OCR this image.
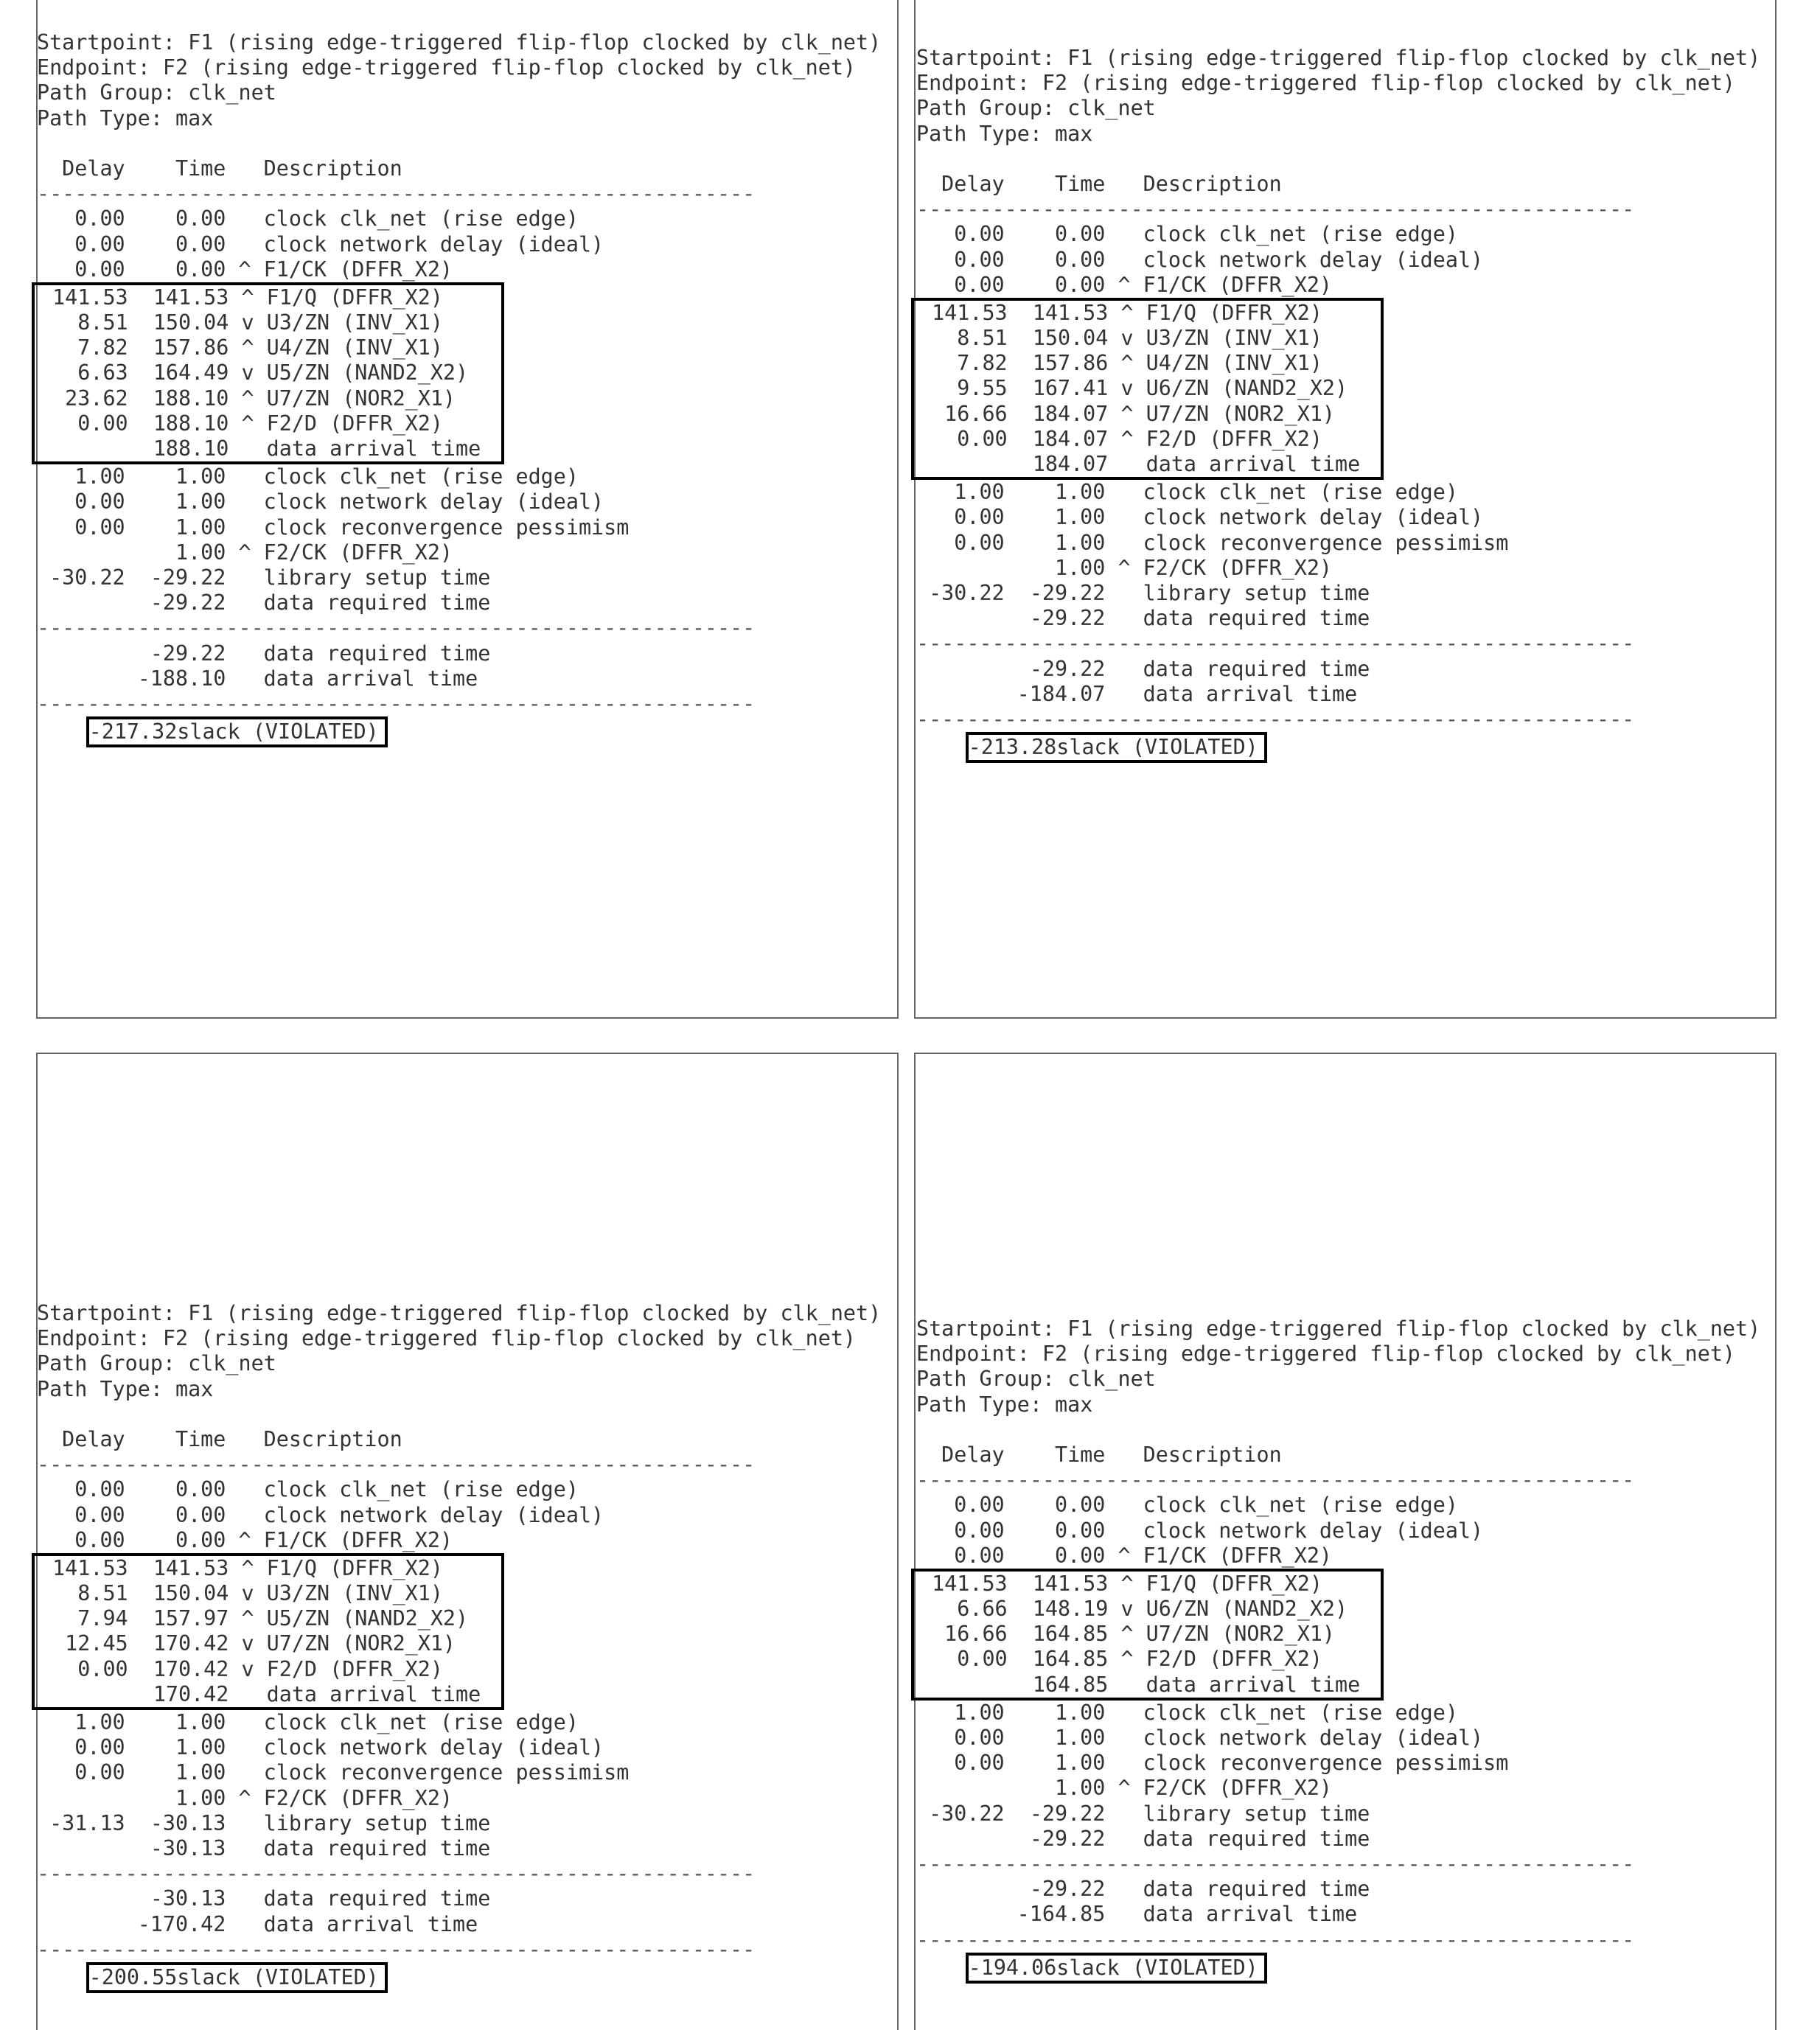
Startpoint: F1 (rising edge-triggered flip-flop clocked by clk_net)
Endpoint: F2 (rising edge-triggered flip-flop clocked by clk_net)
Path Group: clk_net
Path Type: max
Delay Time Description
---------------------------------------------------------
0.00 0.00 clock clk_net (rise edge)
0.00 0.00 clock network delay (ideal)
0.00 0.00 ^ F1/CK (DFFR_X2)
141.53 141.53 ^ F1/Q (DFFR_X2)
8.51 150.04 v U3/ZN (INV_X1)
7.82 157.86 ^ U4/ZN (INV_X1)
6.63 164.49 v U5/ZN (NAND2_X2)
23.62 188.10 ^ U7/ZN (NOR2_X1)
0.00 188.10 ^ F2/D (DFFR_X2)
188.10 data arrival time
1.00 1.00 clock clk_net (rise edge)
0.00 1.00 clock network delay (ideal)
0.00 1.00 clock reconvergence pessimism
1.00 ^ F2/CK (DFFR_X2)
-30.22 -29.22 library setup time
-29.22 data required time
---------------------------------------------------------
-29.22 data required time
-188.10 data arrival time
---------------------------------------------------------
-217.32slack (VIOLATED)
Startpoint: F1 (rising edge-triggered flip-flop clocked by clk_net)
Endpoint: F2 (rising edge-triggered flip-flop clocked by clk_net)
Path Group: clk_net
Path Type: max
Delay Time Description
---------------------------------------------------------
0.00 0.00 clock clk_net (rise edge)
0.00 0.00 clock network delay (ideal)
0.00 0.00 ^ F1/CK (DFFR_X2)
141.53 141.53 ^ F1/Q (DFFR_X2)
8.51 150.04 v U3/ZN (INV_X1)
7.82 157.86 ^ U4/ZN (INV_X1)
9.55 167.41 v U6/ZN (NAND2_X2)
16.66 184.07 ^ U7/ZN (NOR2_X1)
0.00 184.07 ^ F2/D (DFFR_X2)
184.07 data arrival time
1.00 1.00 clock clk_net (rise edge)
0.00 1.00 clock network delay (ideal)
0.00 1.00 clock reconvergence pessimism
1.00 ^ F2/CK (DFFR_X2)
-30.22 -29.22 library setup time
-29.22 data required time
---------------------------------------------------------
-29.22 data required time
-184.07 data arrival time
---------------------------------------------------------
-213.28slack (VIOLATED)
Startpoint: F1 (rising edge-triggered flip-flop clocked by clk_net)
Endpoint: F2 (rising edge-triggered flip-flop clocked by clk_net)
Path Group: clk_net
Path Type: max
Delay Time Description
---------------------------------------------------------
0.00 0.00 clock clk_net (rise edge)
0.00 0.00 clock network delay (ideal)
0.00 0.00 ^ F1/CK (DFFR_X2)
141.53 141.53 ^ F1/Q (DFFR_X2)
8.51 150.04 v U3/ZN (INV_X1)
7.94 157.97 ^ U5/ZN (NAND2_X2)
12.45 170.42 v U7/ZN (NOR2_X1)
0.00 170.42 v F2/D (DFFR_X2)
170.42 data arrival time
1.00 1.00 clock clk_net (rise edge)
0.00 1.00 clock network delay (ideal)
0.00 1.00 clock reconvergence pessimism
1.00 ^ F2/CK (DFFR_X2)
-31.13 -30.13 library setup time
-30.13 data required time
---------------------------------------------------------
-30.13 data required time
-170.42 data arrival time
---------------------------------------------------------
-200.55slack (VIOLATED)
Startpoint: F1 (rising edge-triggered flip-flop clocked by clk_net)
Endpoint: F2 (rising edge-triggered flip-flop clocked by clk_net)
Path Group: clk_net
Path Type: max
Delay Time Description
---------------------------------------------------------
0.00 0.00 clock clk_net (rise edge)
0.00 0.00 clock network delay (ideal)
0.00 0.00 ^ F1/CK (DFFR_X2)
141.53 141.53 ^ F1/Q (DFFR_X2)
6.66 148.19 v U6/ZN (NAND2_X2)
16.66 164.85 ^ U7/ZN (NOR2_X1)
0.00 164.85 ^ F2/D (DFFR_X2)
164.85 data arrival time
1.00 1.00 clock clk_net (rise edge)
0.00 1.00 clock network delay (ideal)
0.00 1.00 clock reconvergence pessimism
1.00 ^ F2/CK (DFFR_X2)
-30.22 -29.22 library setup time
-29.22 data required time
---------------------------------------------------------
-29.22 data required time
-164.85 data arrival time
---------------------------------------------------------
-194.06slack (VIOLATED)
